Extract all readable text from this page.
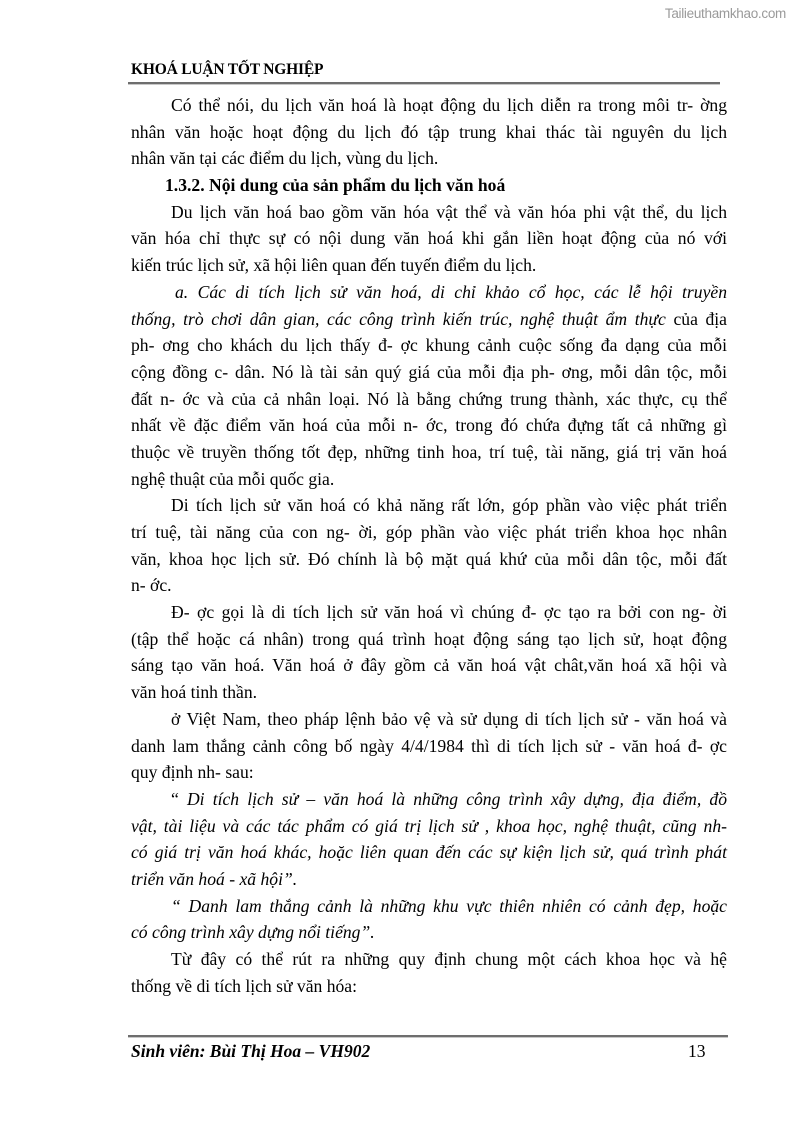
Tailieuthamkhao.com
KHOÁ LUẬN TỐT NGHIỆP
Có thể nói, du lịch văn hoá là hoạt động du lịch diễn ra trong môi tr- ờng
nhân văn hoặc hoạt động du lịch đó tập trung khai thác tài nguyên du lịch
nhân văn tại các điểm du lịch, vùng du lịch.
1.3.2. Nội dung của sản phẩm du lịch văn hoá
Du lịch văn hoá bao gồm văn hóa vật thể và văn hóa phi vật thể, du lịch
văn hóa chỉ thực sự có nội dung văn hoá khi gắn liền hoạt động của nó với
kiến trúc lịch sử, xã hội liên quan đến tuyến điểm du lịch.
a. Các di tích lịch sử văn hoá, di chỉ khảo cổ học, các lễ hội truyền
thống, trò chơi dân gian, các công trình kiến trúc, nghệ thuật ẩm thực của địa
ph- ơng cho khách du lịch thấy đ- ợc khung cảnh cuộc sống đa dạng của mỗi
cộng đồng c- dân. Nó là tài sản quý giá của mỗi địa ph- ơng, mỗi dân tộc, mỗi
đất n- ớc và của cả nhân loại. Nó là bằng chứng trung thành, xác thực, cụ thể
nhất về đặc điểm văn hoá của mỗi n- ớc, trong đó chứa đựng tất cả những gì
thuộc về truyền thống tốt đẹp, những tinh hoa, trí tuệ, tài năng, giá trị văn hoá
nghệ thuật của mỗi quốc gia.
Di tích lịch sử văn hoá có khả năng rất lớn, góp phần vào việc phát triển
trí tuệ, tài năng của con ng- ời, góp phần vào việc phát triển khoa học nhân
văn, khoa học lịch sử. Đó chính là bộ mặt quá khứ của mỗi dân tộc, mỗi đất
n- ớc.
Đ- ợc gọi là di tích lịch sử văn hoá vì chúng đ- ợc tạo ra bởi con ng- ời
(tập thể hoặc cá nhân) trong quá trình hoạt động sáng tạo lịch sử, hoạt động
sáng tạo văn hoá. Văn hoá ở đây gồm cả văn hoá vật chât,văn hoá xã hội và
văn hoá tinh thần.
ở Việt Nam, theo pháp lệnh bảo vệ và sử dụng di tích lịch sử - văn hoá và
danh lam thắng cảnh công bố ngày 4/4/1984 thì di tích lịch sử - văn hoá đ- ợc
quy định nh- sau:
“ Di tích lịch sử – văn hoá là những công trình xây dựng, địa điểm, đồ
vật, tài liệu và các tác phẩm có giá trị lịch sử , khoa học, nghệ thuật, cũng nh-
có giá trị văn hoá khác, hoặc liên quan đến các sự kiện lịch sử, quá trình phát
triển văn hoá - xã hội”.
“ Danh lam thắng cảnh là những khu vực thiên nhiên có cảnh đẹp, hoặc
có công trình xây dựng nổi tiếng”.
Từ đây có thể rút ra những quy định chung một cách khoa học và hệ
thống về di tích lịch sử văn hóa:
Sinh viên: Bùi Thị Hoa – VH902	13
